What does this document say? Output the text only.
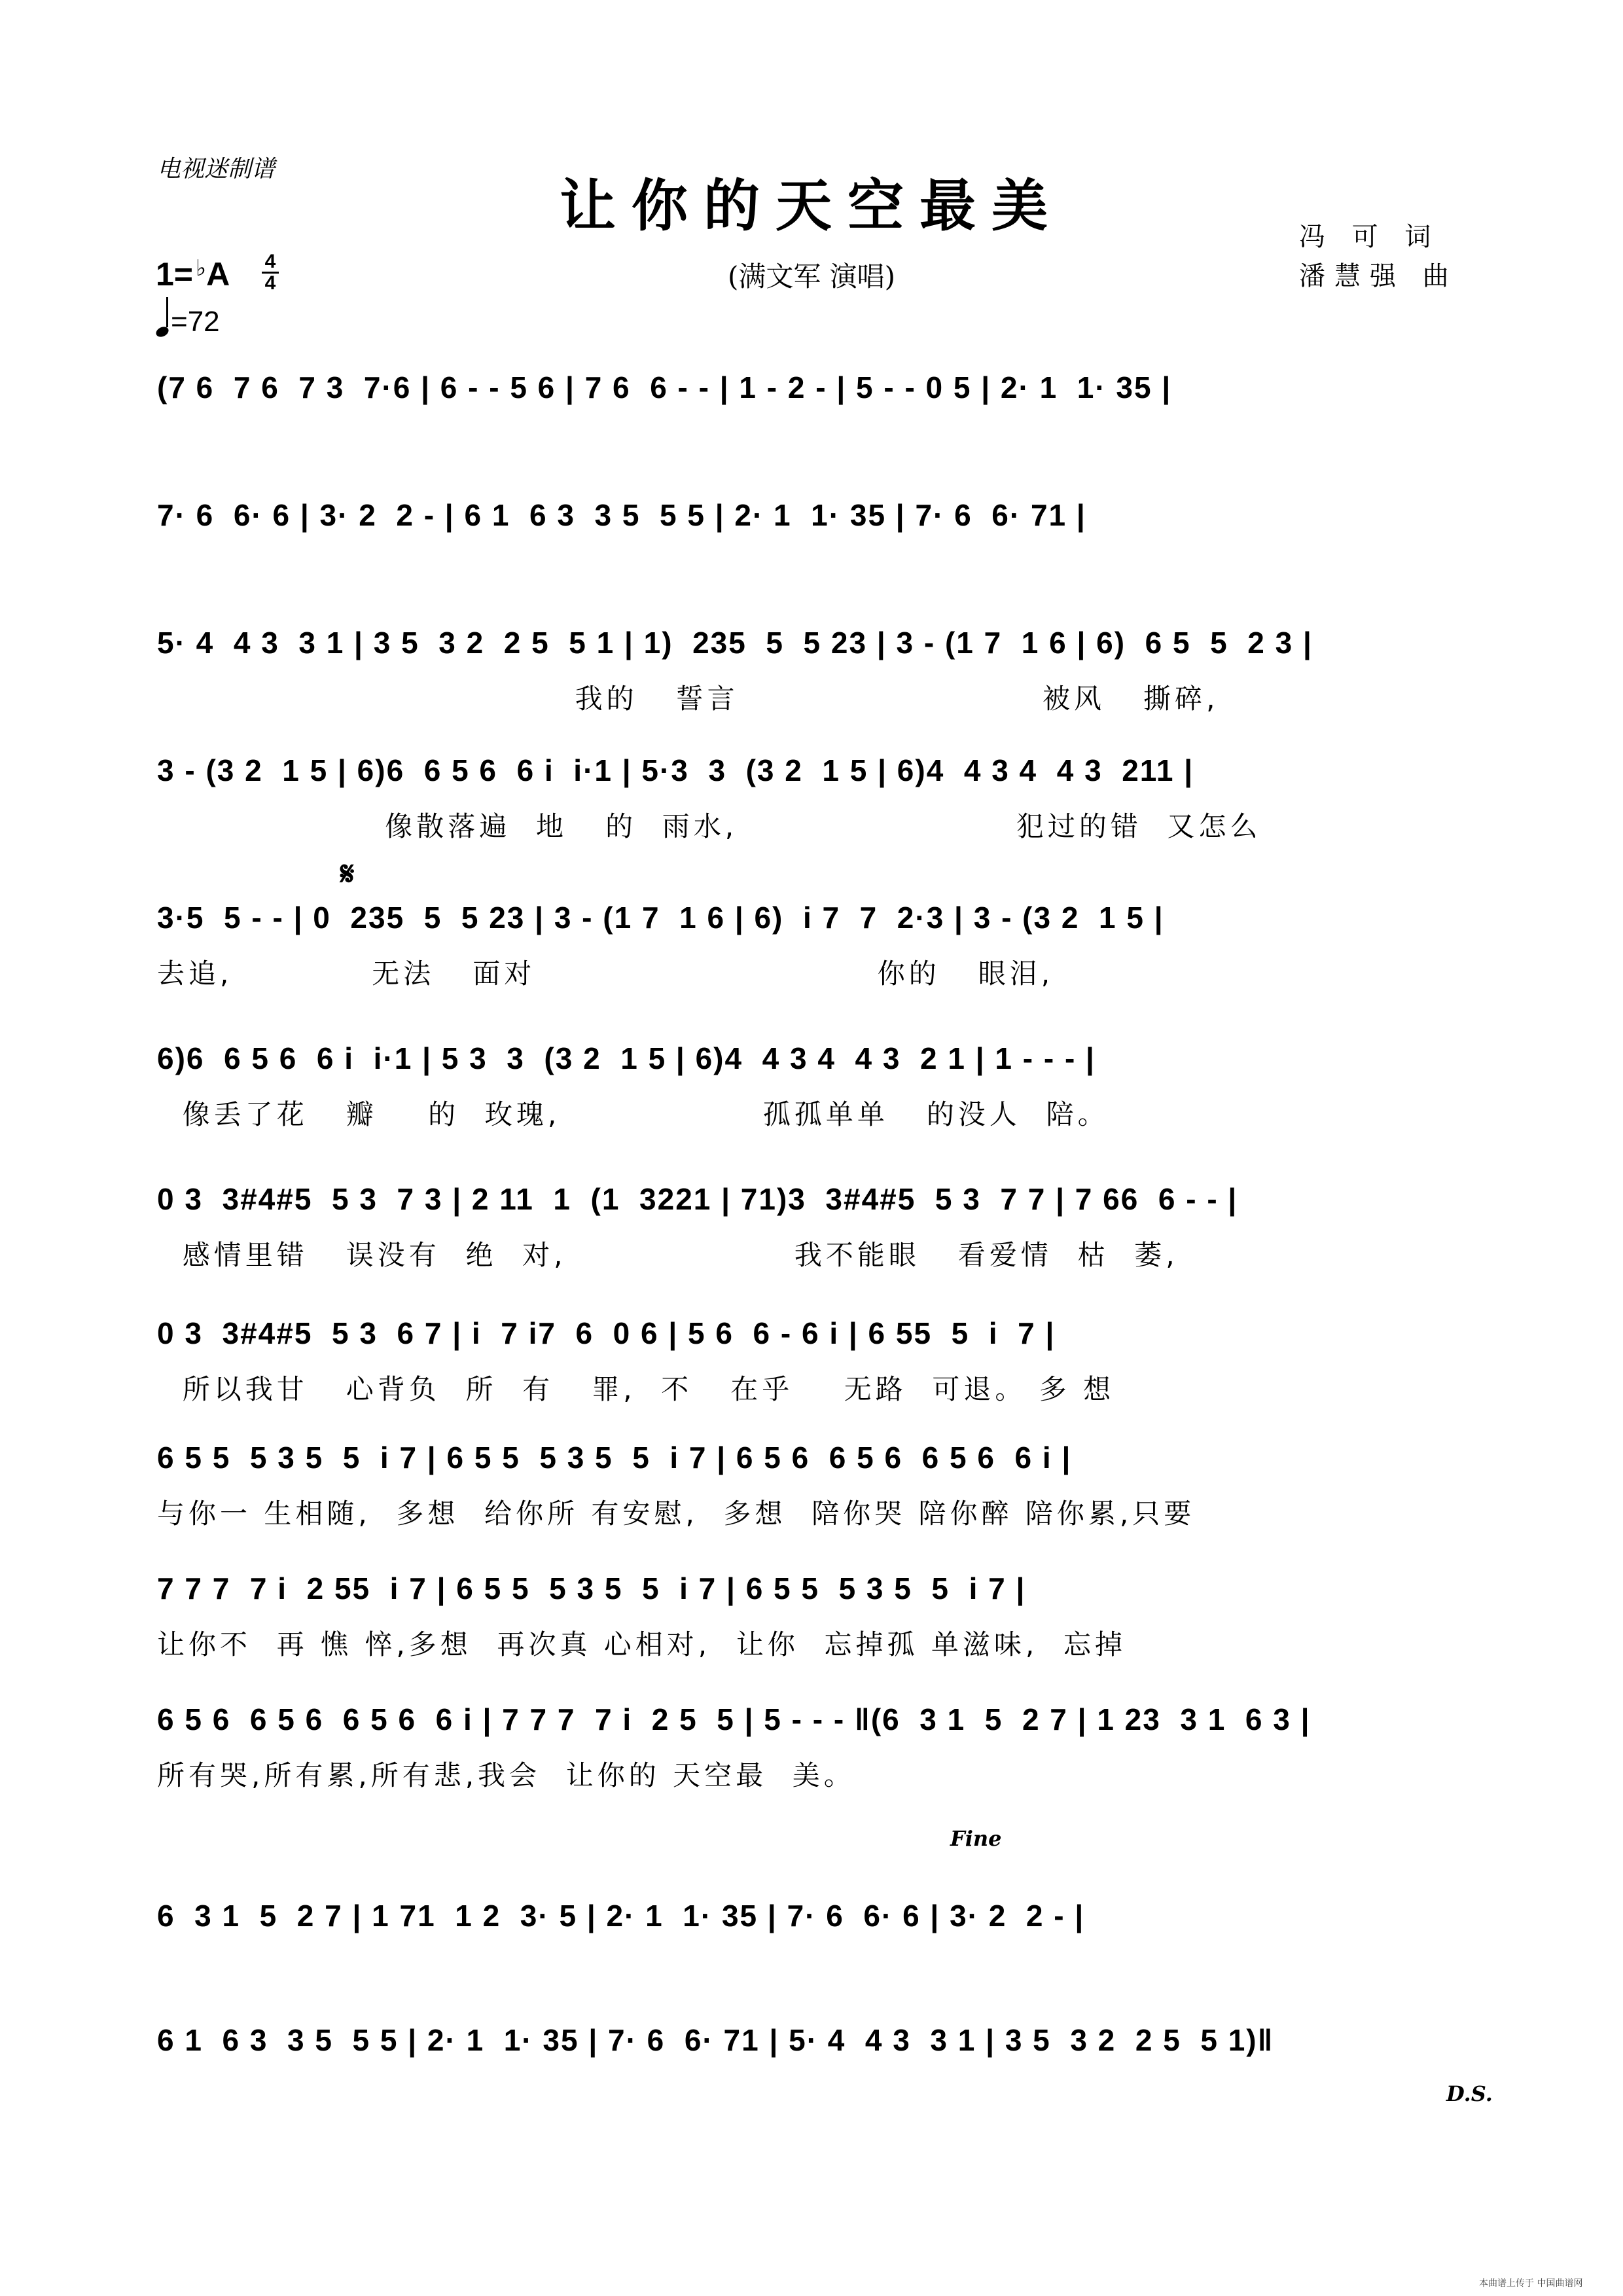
电视迷制谱
让你的天空最美
(满文军 演唱)
冯 可 词
潘慧强 曲
1= ♭A 4
4
=72
𝄋
(7 6  7 6  7 3  7·6 | 6 - - 5 6 | 7 6  6 - - | 1 - 2 - | 5 - - 0 5 | 2· 1  1· 35 |
7· 6  6· 6 | 3· 2  2 - | 6 1  6 3  3 5  5 5 | 2· 1  1· 35 | 7· 6  6· 71 |
5· 4  4 3  3 1 | 3 5  3 2  2 5  5 1 | 1)  235  5  5 23 | 3 - (1 7  1 6 | 6)  6 5  5  2 3 |
我的   誓言                        被风   撕碎,
3 - (3 2  1 5 | 6)6  6 5 6  6 i  i·1 | 5·3  3  (3 2  1 5 | 6)4  4 3 4  4 3  211 |
像散落遍  地   的  雨水,                      犯过的错  又怎么
3·5  5 - - | 0  235  5  5 23 | 3 - (1 7  1 6 | 6)  i 7  7  2·3 | 3 - (3 2  1 5 |
去追,           无法   面对                           你的   眼泪,
6)6  6 5 6  6 i  i·1 | 5 3  3  (3 2  1 5 | 6)4  4 3 4  4 3  2 1 | 1 - - - |
像丢了花   瓣    的  玫瑰,                孤孤单单   的没人  陪。
0 3  3#4#5  5 3  7 3 | 2 11  1  (1  3221 | 71)3  3#4#5  5 3  7 7 | 7 66  6 - - |
感情里错   误没有  绝  对,                  我不能眼   看爱情  枯  萎,
0 3  3#4#5  5 3  6 7 | i  7 i7  6  0 6 | 5 6  6 - 6 i | 6 55  5  i  7 |
所以我甘   心背负  所  有   罪,  不   在乎    无路  可退。 多 想
6 5 5  5 3 5  5  i 7 | 6 5 5  5 3 5  5  i 7 | 6 5 6  6 5 6  6 5 6  6 i |
与你一 生相随,  多想  给你所 有安慰,  多想  陪你哭 陪你醉 陪你累,只要
7 7 7  7 i  2 55  i 7 | 6 5 5  5 3 5  5  i 7 | 6 5 5  5 3 5  5  i 7 |
让你不  再 憔 悴,多想  再次真 心相对,  让你  忘掉孤 单滋味,  忘掉
6 5 6  6 5 6  6 5 6  6 i | 7 7 7  7 i  2 5  5 | 5 - - - ‖(6  3 1  5  2 7 | 1 23  3 1  6 3 |
所有哭,所有累,所有悲,我会  让你的 天空最  美。
6  3 1  5  2 7 | 1 71  1 2  3· 5 | 2· 1  1· 35 | 7· 6  6· 6 | 3· 2  2 - |
6 1  6 3  3 5  5 5 | 2· 1  1· 35 | 7· 6  6· 71 | 5· 4  4 3  3 1 | 3 5  3 2  2 5  5 1)‖
Fine
D.S.
本曲谱上传于 中国曲谱网
